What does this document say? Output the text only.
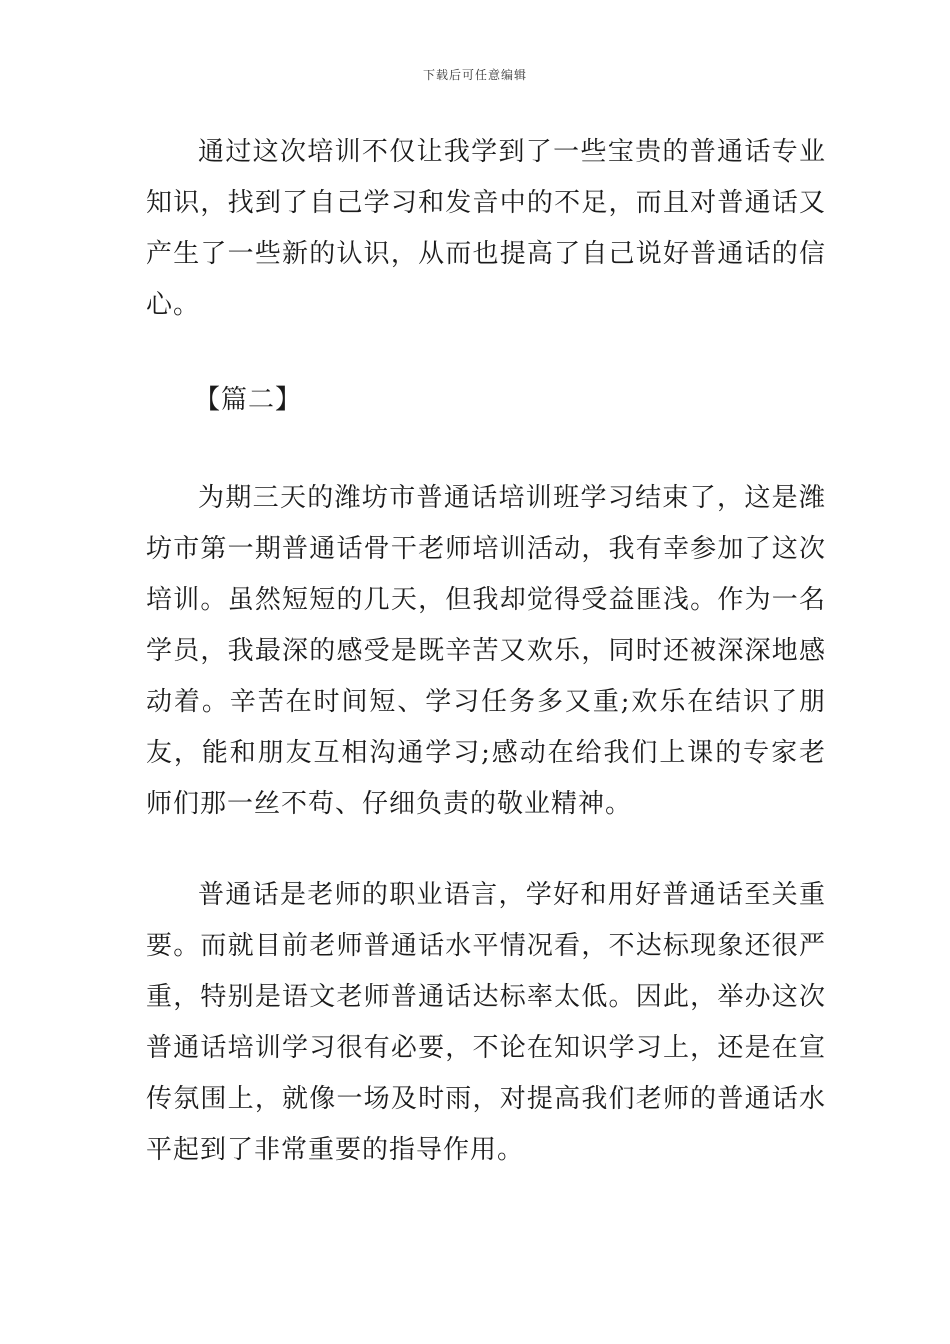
下载后可任意编辑

通过这次培训不仅让我学到了一些宝贵的普通话专业知识，找到了自己学习和发音中的不足，而且对普通话又产生了一些新的认识，从而也提高了自己说好普通话的信心。

【篇二】

为期三天的潍坊市普通话培训班学习结束了，这是潍坊市第一期普通话骨干老师培训活动，我有幸参加了这次培训。虽然短短的几天，但我却觉得受益匪浅。作为一名学员，我最深的感受是既辛苦又欢乐，同时还被深深地感动着。辛苦在时间短、学习任务多又重;欢乐在结识了朋友，能和朋友互相沟通学习;感动在给我们上课的专家老师们那一丝不苟、仔细负责的敬业精神。

普通话是老师的职业语言，学好和用好普通话至关重要。而就目前老师普通话水平情况看，不达标现象还很严重，特别是语文老师普通话达标率太低。因此，举办这次普通话培训学习很有必要，不论在知识学习上，还是在宣传氛围上，就像一场及时雨，对提高我们老师的普通话水平起到了非常重要的指导作用。
